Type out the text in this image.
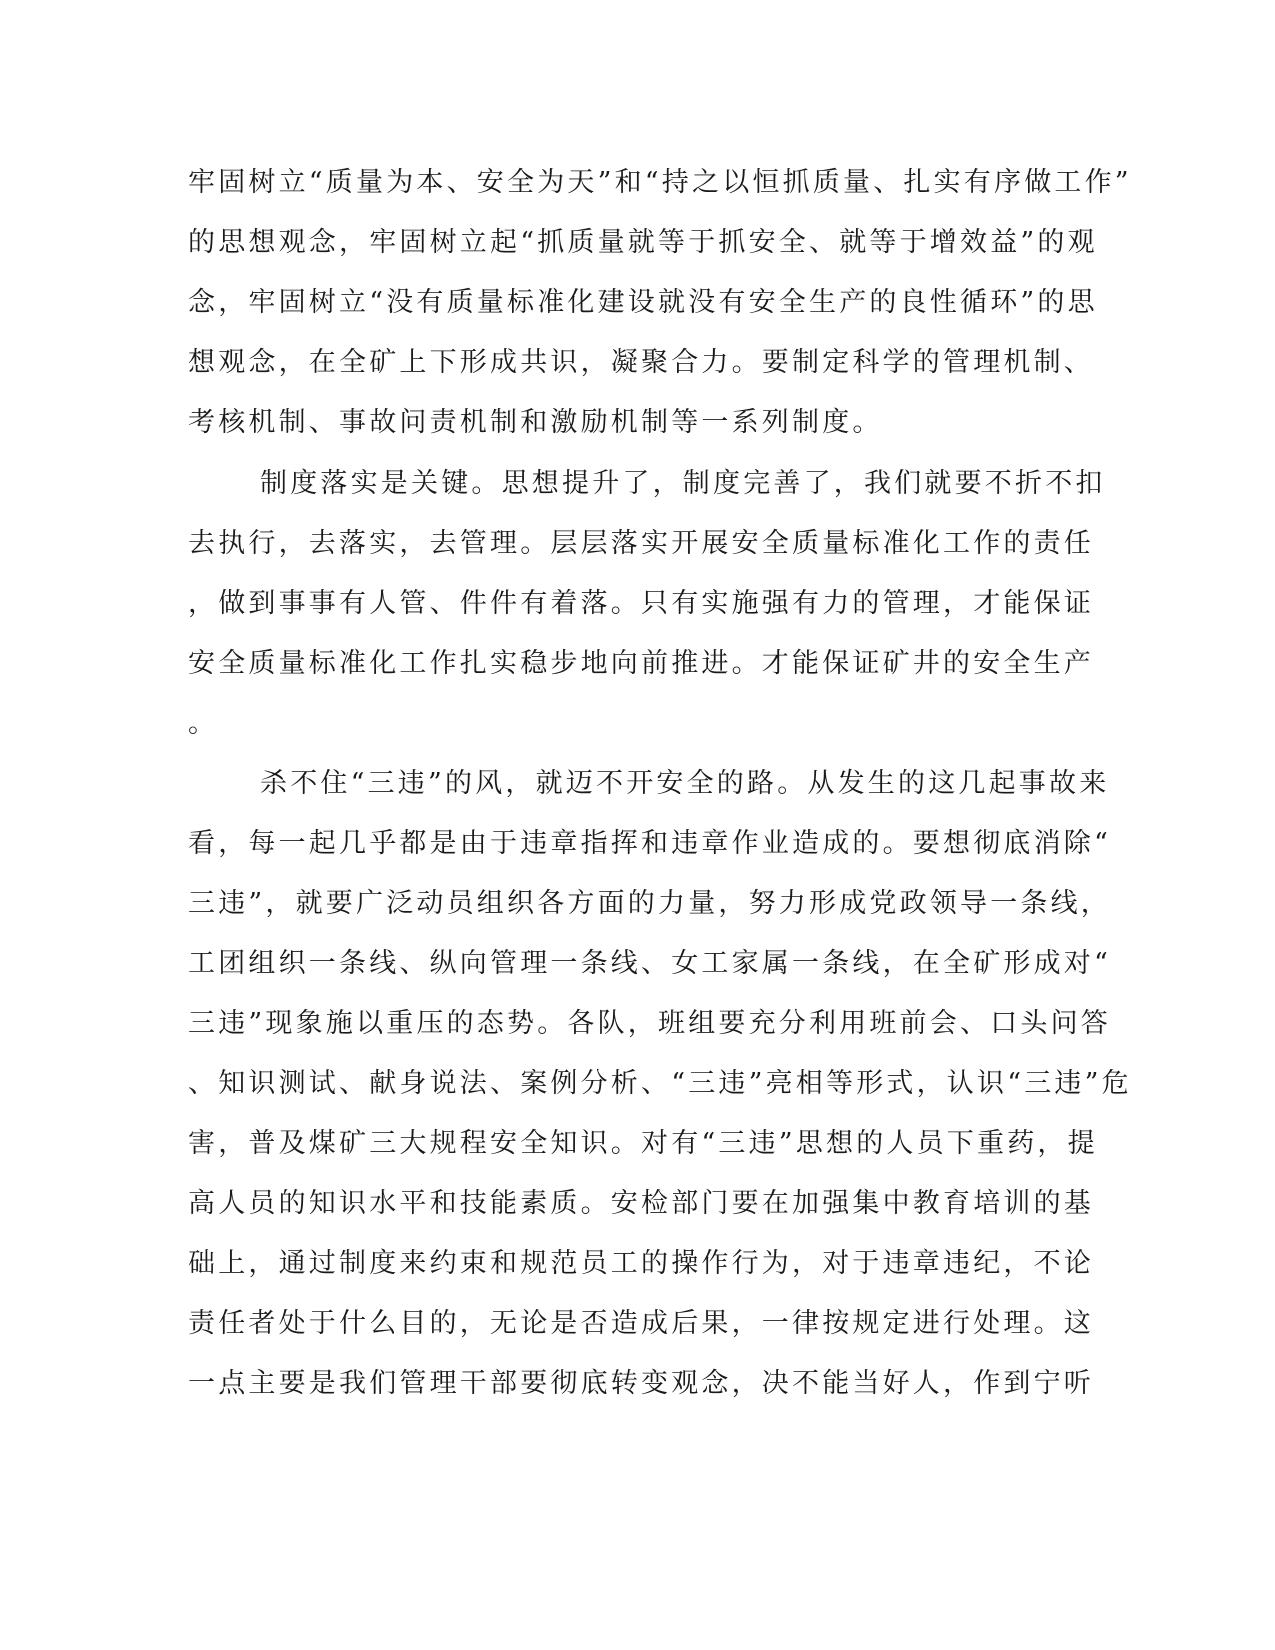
牢固树立“质量为本、安全为天”和“持之以恒抓质量、扎实有序做工作”
的思想观念，牢固树立起“抓质量就等于抓安全、就等于增效益”的观
念，牢固树立“没有质量标准化建设就没有安全生产的良性循环”的思
想观念，在全矿上下形成共识，凝聚合力。要制定科学的管理机制、
考核机制、事故问责机制和激励机制等一系列制度。
制度落实是关键。思想提升了，制度完善了，我们就要不折不扣
去执行，去落实，去管理。层层落实开展安全质量标准化工作的责任
，做到事事有人管、件件有着落。只有实施强有力的管理，才能保证
安全质量标准化工作扎实稳步地向前推进。才能保证矿井的安全生产
。
杀不住“三违”的风，就迈不开安全的路。从发生的这几起事故来
看，每一起几乎都是由于违章指挥和违章作业造成的。要想彻底消除“
三违”，就要广泛动员组织各方面的力量，努力形成党政领导一条线，
工团组织一条线、纵向管理一条线、女工家属一条线，在全矿形成对“
三违”现象施以重压的态势。各队，班组要充分利用班前会、口头问答
、知识测试、献身说法、案例分析、“三违”亮相等形式，认识“三违”危
害，普及煤矿三大规程安全知识。对有“三违”思想的人员下重药，提
高人员的知识水平和技能素质。安检部门要在加强集中教育培训的基
础上，通过制度来约束和规范员工的操作行为，对于违章违纪，不论
责任者处于什么目的，无论是否造成后果，一律按规定进行处理。这
一点主要是我们管理干部要彻底转变观念，决不能当好人，作到宁听
